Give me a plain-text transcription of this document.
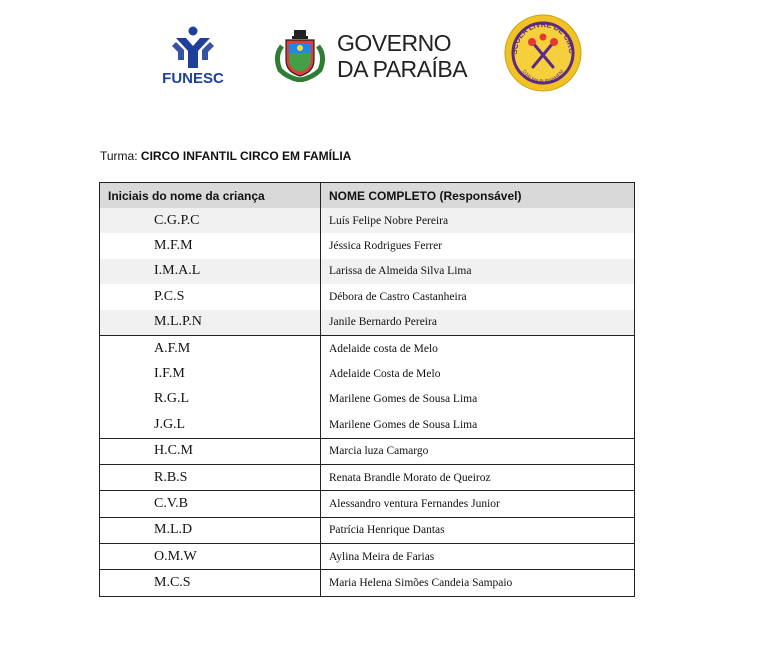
FUNESC
GOVERNO
DA PARAÍBA
SCOLA LIVRE DE CIRC
DJALMA BURANHEM
Turma: CIRCO INFANTIL CIRCO EM FAMÍLIA
Iniciais do nome da criança	NOME COMPLETO (Responsável)
C.G.P.C	Luís Felipe Nobre Pereira
M.F.M	Jéssica Rodrigues Ferrer
I.M.A.L	Larissa de Almeida Silva Lima
P.C.S	Débora de Castro Castanheira
M.L.P.N	Janile Bernardo Pereira
A.F.M	Adelaide costa de Melo
I.F.M	Adelaide Costa de Melo
R.G.L	Marilene Gomes de Sousa Lima
J.G.L	Marilene Gomes de Sousa Lima
H.C.M	Marcia luza Camargo
R.B.S	Renata Brandle Morato de Queiroz
C.V.B	Alessandro ventura Fernandes Junior
M.L.D	Patrícia Henrique Dantas
O.M.W	Aylina Meira de Farias
M.C.S	Maria Helena Simões Candeia Sampaio
